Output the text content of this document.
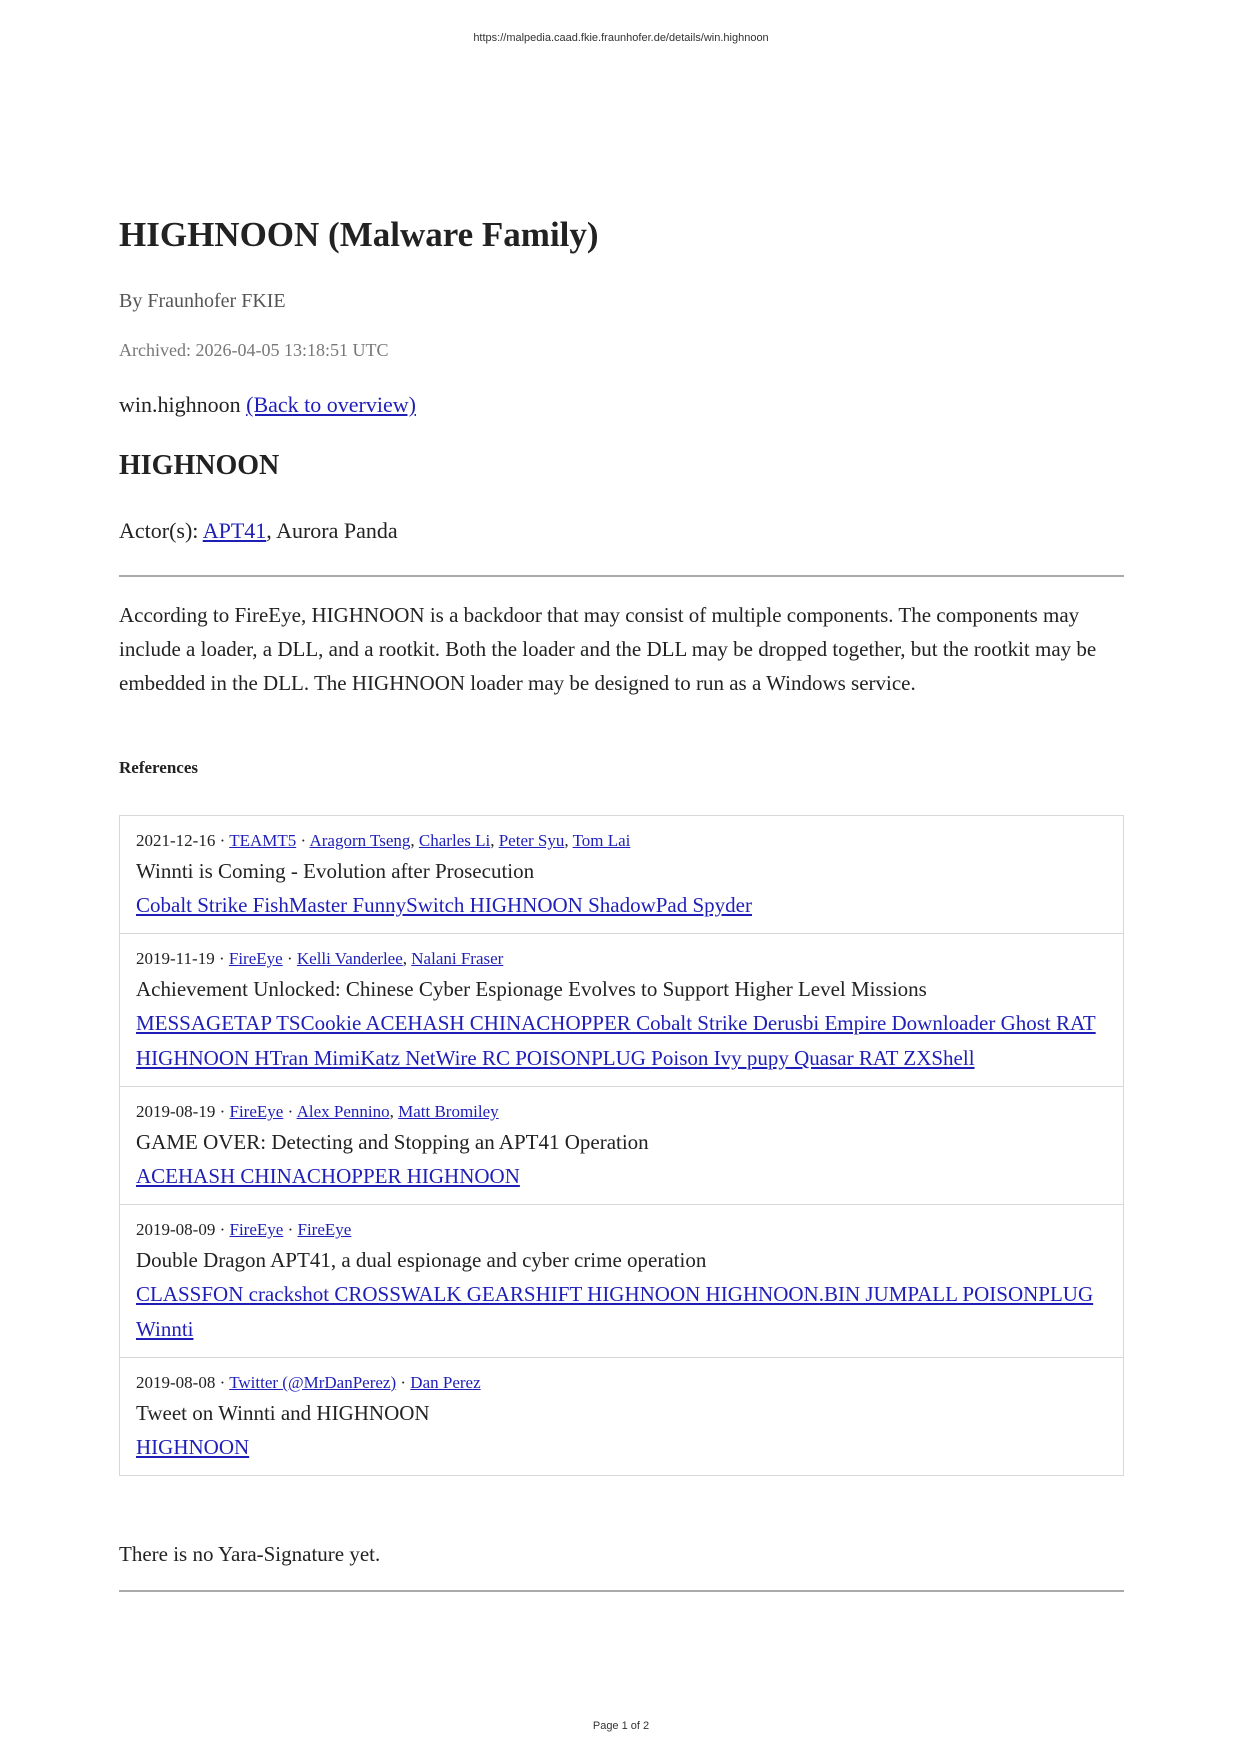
https://malpedia.caad.fkie.fraunhofer.de/details/win.highnoon
HIGHNOON (Malware Family)
By Fraunhofer FKIE
Archived: 2026-04-05 13:18:51 UTC
win.highnoon (Back to overview)
HIGHNOON
Actor(s): APT41, Aurora Panda

According to FireEye, HIGHNOON is a backdoor that may consist of multiple components. The components may include a loader, a DLL, and a rootkit. Both the loader and the DLL may be dropped together, but the rootkit may be embedded in the DLL. The HIGHNOON loader may be designed to run as a Windows service.

References
2021-12-16 · TEAMT5 · Aragorn Tseng, Charles Li, Peter Syu, Tom Lai
Winnti is Coming - Evolution after Prosecution
Cobalt Strike FishMaster FunnySwitch HIGHNOON ShadowPad Spyder
2019-11-19 · FireEye · Kelli Vanderlee, Nalani Fraser
Achievement Unlocked: Chinese Cyber Espionage Evolves to Support Higher Level Missions
MESSAGETAP TSCookie ACEHASH CHINACHOPPER Cobalt Strike Derusbi Empire Downloader Ghost RAT HIGHNOON HTran MimiKatz NetWire RC POISONPLUG Poison Ivy pupy Quasar RAT ZXShell
2019-08-19 · FireEye · Alex Pennino, Matt Bromiley
GAME OVER: Detecting and Stopping an APT41 Operation
ACEHASH CHINACHOPPER HIGHNOON
2019-08-09 · FireEye · FireEye
Double Dragon APT41, a dual espionage and cyber crime operation
CLASSFON crackshot CROSSWALK GEARSHIFT HIGHNOON HIGHNOON.BIN JUMPALL POISONPLUG Winnti
2019-08-08 · Twitter (@MrDanPerez) · Dan Perez
Tweet on Winnti and HIGHNOON
HIGHNOON
There is no Yara-Signature yet.
Page 1 of 2
